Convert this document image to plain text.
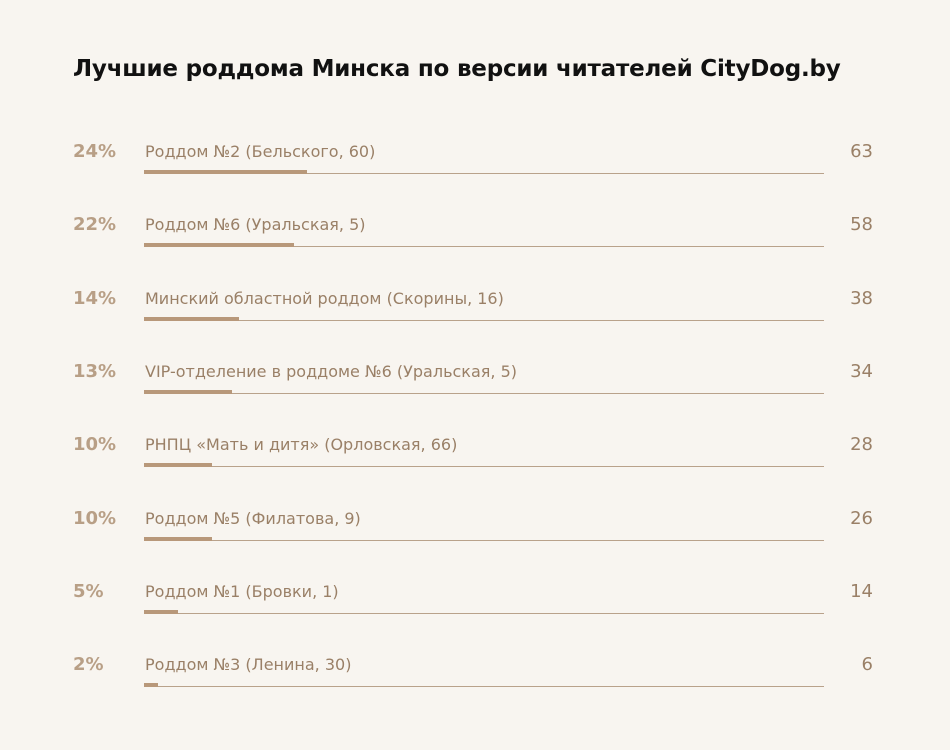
Лучшие роддома Минска по версии читателей CityDog.by
24% Роддом №2 (Бельского, 60)	63
22% Роддом №6 (Уральская, 5)	58
14% Минский областной роддом (Скорины, 16)	38
13% VIP-отделение в роддоме №6 (Уральская, 5)	34
10% РНПЦ «Мать и дитя» (Орловская, 66)	28
10% Роддом №5 (Филатова, 9)	26
5%	Роддом №1 (Бровки, 1)	14
2%	Роддом №3 (Ленина, 30)	6
